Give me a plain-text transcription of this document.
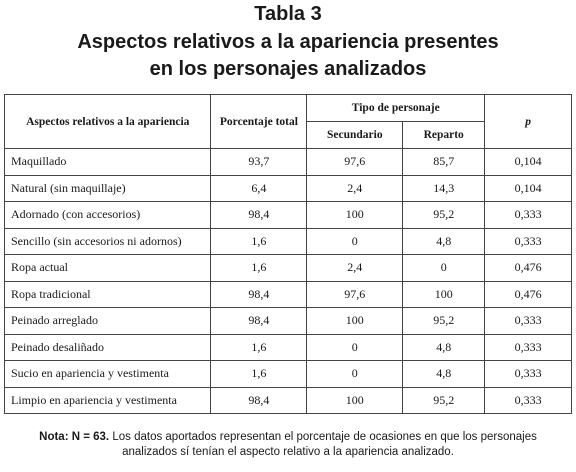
Tabla 3
Aspectos relativos a la apariencia presentes
en los personajes analizados
Aspectos relativos a la apariencia	Porcentaje total	Tipo de personaje		p
		Secundario	Reparto	
Maquillado	93,7	97,6	85,7	0,104
Natural (sin maquillaje)	6,4	2,4	14,3	0,104
Adornado (con accesorios)	98,4	100	95,2	0,333
Sencillo (sin accesorios ni adornos)	1,6	0	4,8	0,333
Ropa actual	1,6	2,4	0	0,476
Ropa tradicional	98,4	97,6	100	0,476
Peinado arreglado	98,4	100	95,2	0,333
Peinado desaliñado	1,6	0	4,8	0,333
Sucio en apariencia y vestimenta	1,6	0	4,8	0,333
Limpio en apariencia y vestimenta	98,4	100	95,2	0,333
Nota: N = 63. Los datos aportados representan el porcentaje de ocasiones en que los personajes
analizados sí tenían el aspecto relativo a la apariencia analizado.
